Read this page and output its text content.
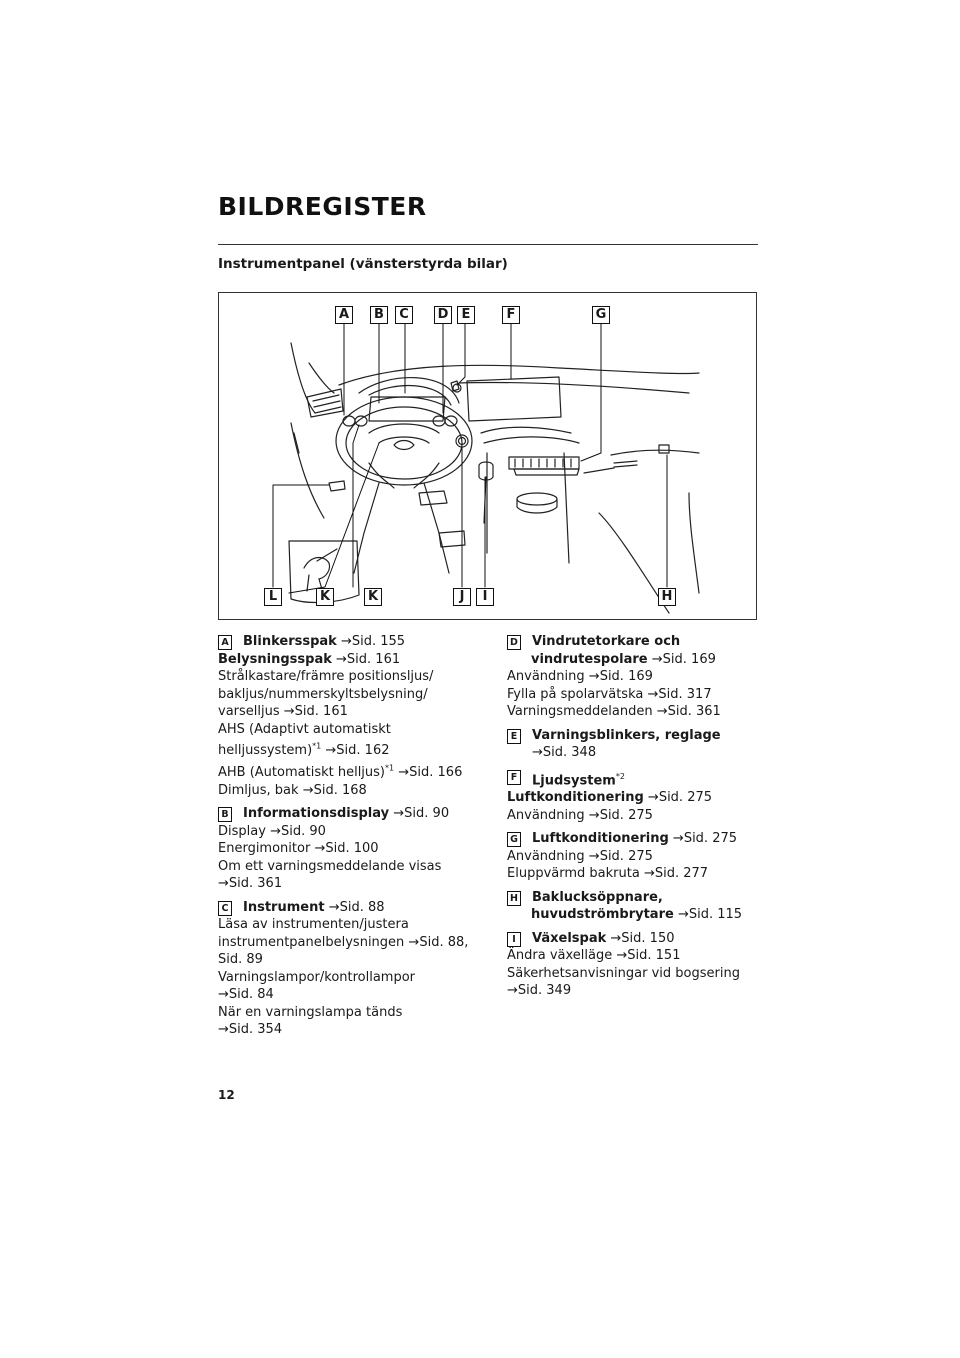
BILDREGISTER
Instrumentpanel (vänsterstyrda bilar)
A	B	C	D	E	F	G
L	K	K	J	I	H
A Blinkersspak →Sid. 155
Belysningsspak →Sid. 161
Strålkastare/främre positionsljus/
bakljus/nummerskyltsbelysning/
varselljus →Sid. 161
AHS (Adaptivt automatiskt
helljussystem)$^{*1}$ →Sid. 162
AHB (Automatiskt helljus)$^{*1}$ →Sid. 166
Dimljus, bak →Sid. 168
B Informationsdisplay →Sid. 90
Display →Sid. 90
Energimonitor →Sid. 100
Om ett varningsmeddelande visas
→Sid. 361
C Instrument →Sid. 88
Läsa av instrumenten/justera
instrumentpanelbelysningen →Sid. 88,
Sid. 89
Varningslampor/kontrollampor →Sid. 84
När en varningslampa tänds →Sid. 354
D Vindrutetorkare och
vindrutespolare →Sid. 169
Användning →Sid. 169
Fylla på spolarvätska →Sid. 317
Varningsmeddelanden →Sid. 361
E Varningsblinkers, reglage →Sid. 348
F Ljudsystem$^{*2}$
Luftkonditionering →Sid. 275
Användning →Sid. 275
G Luftkonditionering →Sid. 275
Användning →Sid. 275
Eluppvärmd bakruta →Sid. 277
H Baklucksöppnare,
huvudströmbrytare →Sid. 115
I	Växelspak →Sid. 150
Ändra växelläge →Sid. 151
Säkerhetsanvisningar vid bogsering
→Sid. 349
12
